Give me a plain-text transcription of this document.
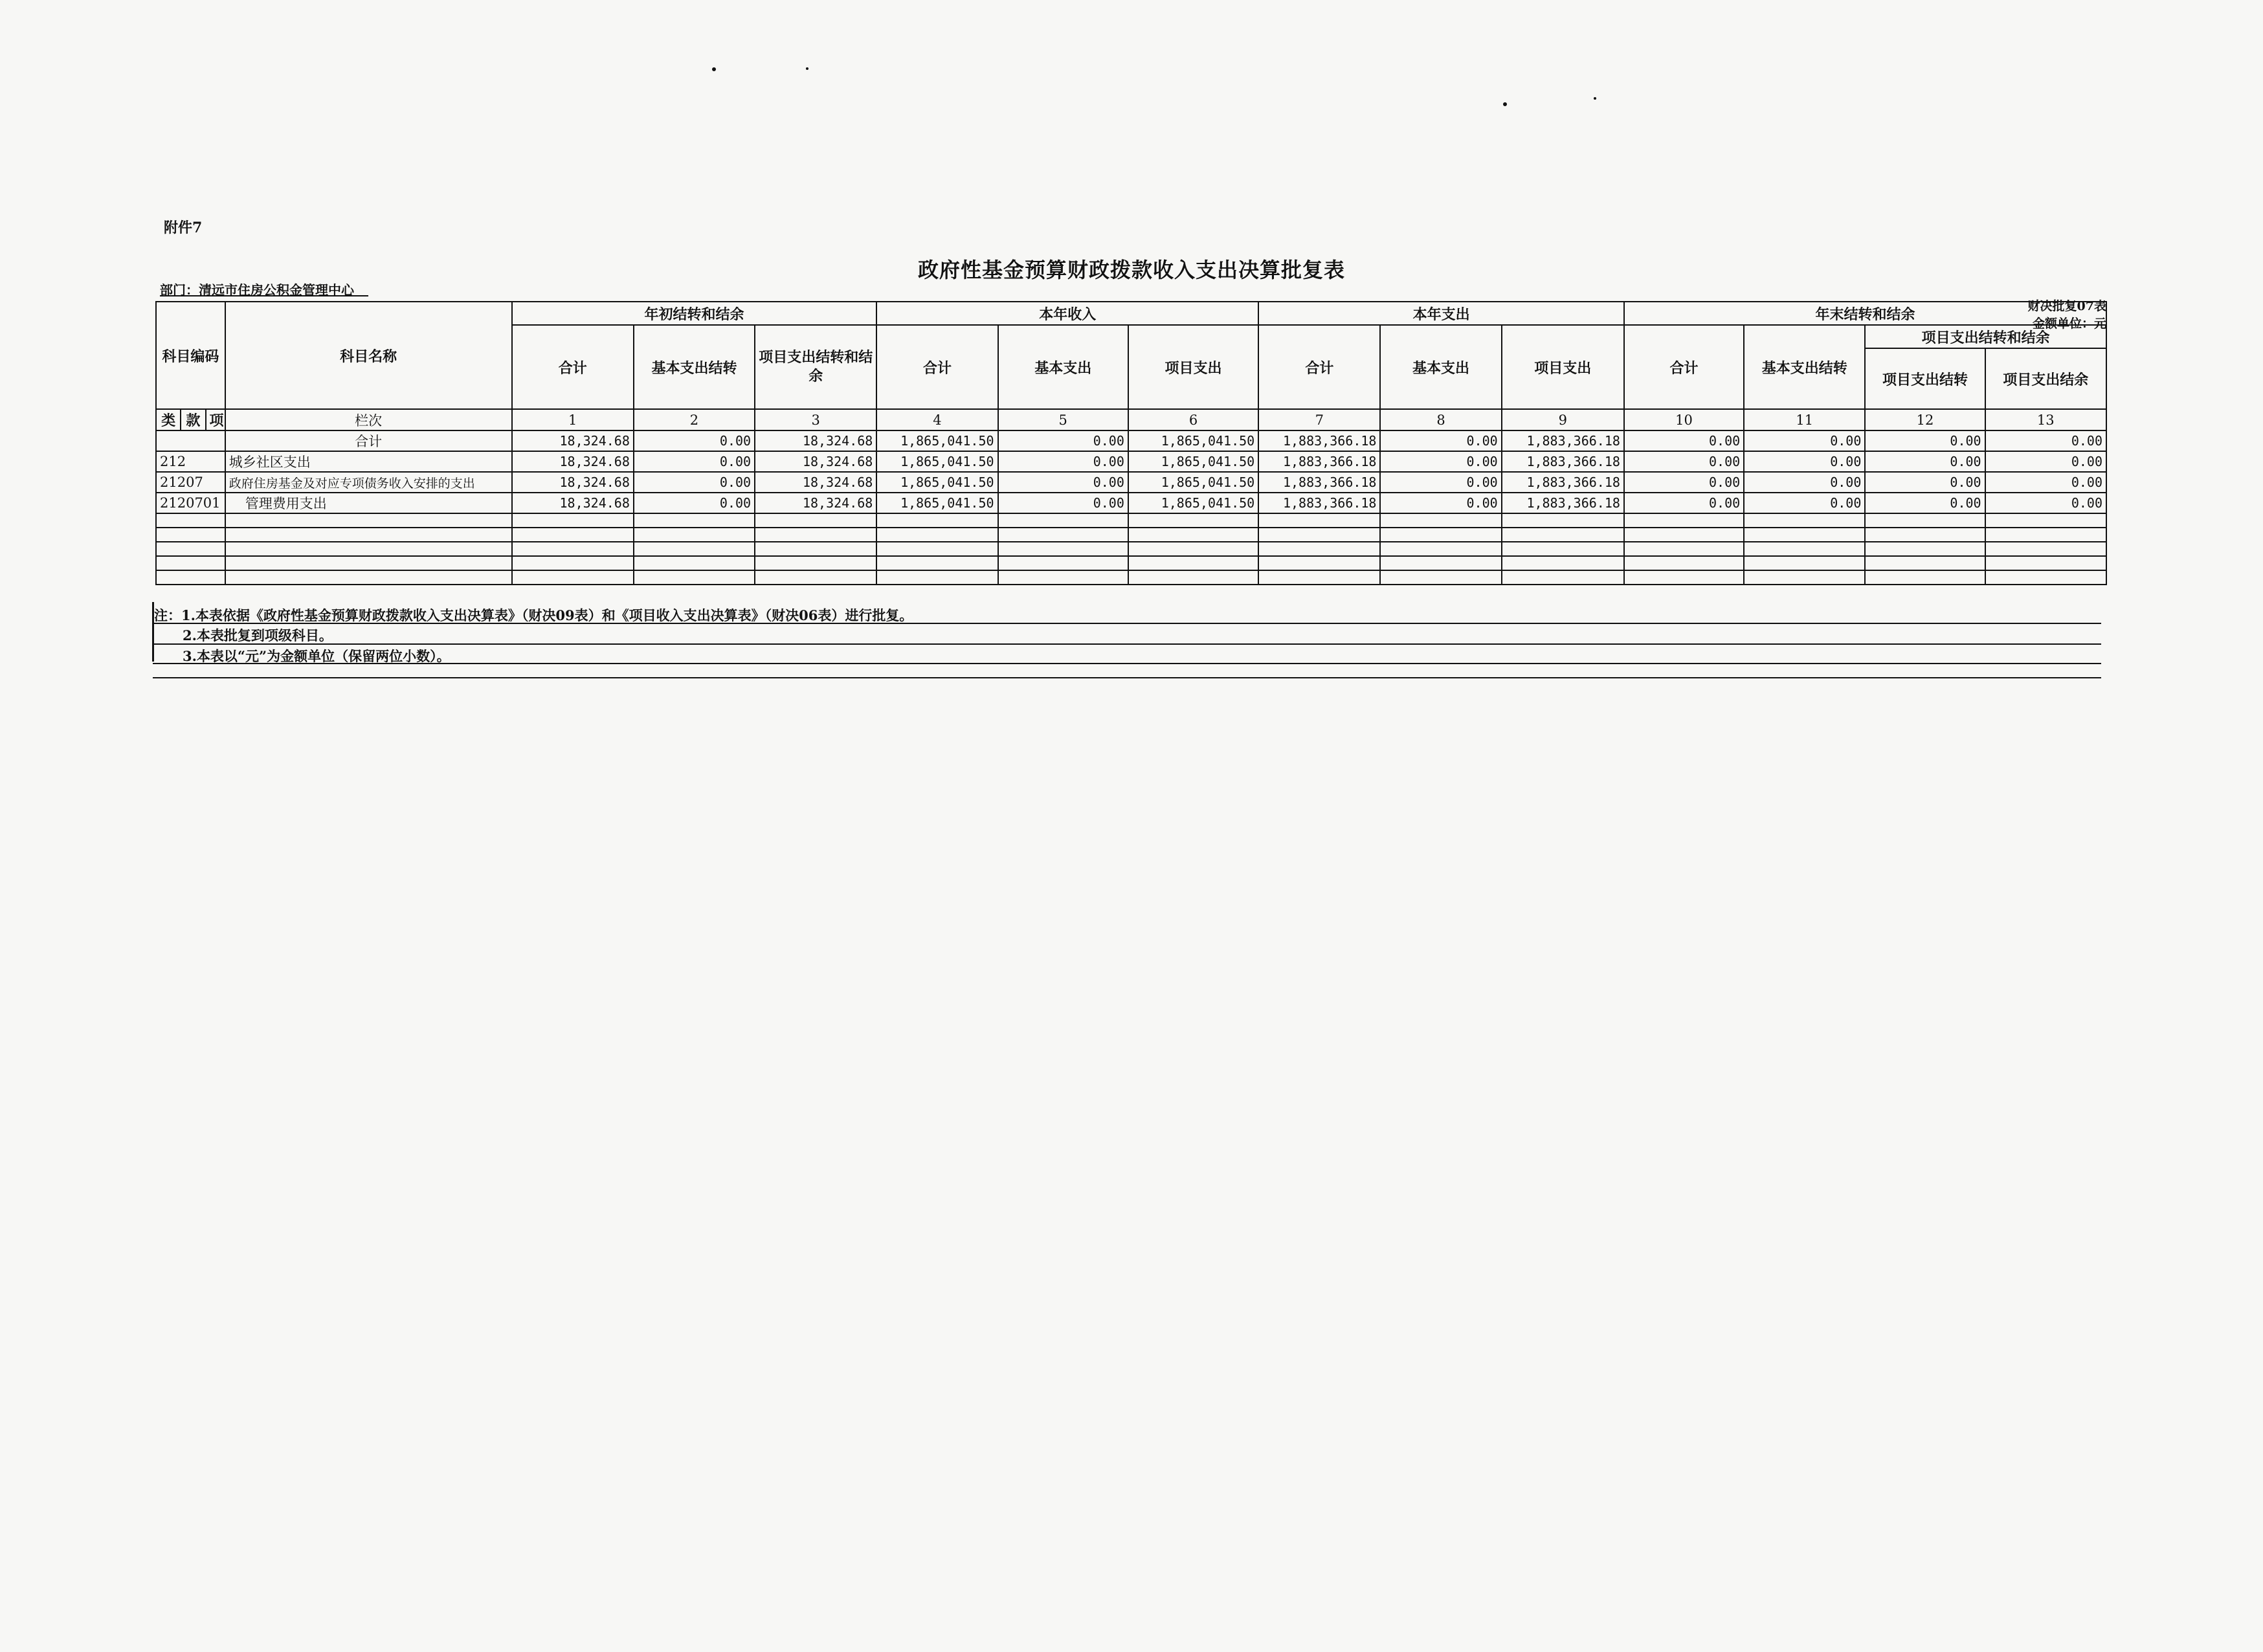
附件7
政府性基金预算财政拨款收入支出决算批复表
部门：清远市住房公积金管理中心
财决批复07表
金额单位：元
科目编码			科目名称	年初结转和结余			本年收入			本年支出			年末结转和结余			
				合计	基本支出结转	项目支出结转和结余	合计	基本支出	项目支出	合计	基本支出	项目支出	合计	基本支出结转	项目支出结转和结余	
															项目支出结转	项目支出结余
类	款	项	栏次	1	2	3	4	5	6	7	8	9	10	11	12	13
			合计	18,324.68	0.00	18,324.68	1,865,041.50	0.00	1,865,041.50	1,883,366.18	0.00	1,883,366.18	0.00	0.00	0.00	0.00
212			城乡社区支出	18,324.68	0.00	18,324.68	1,865,041.50	0.00	1,865,041.50	1,883,366.18	0.00	1,883,366.18	0.00	0.00	0.00	0.00
21207			政府住房基金及对应专项债务收入安排的支出	18,324.68	0.00	18,324.68	1,865,041.50	0.00	1,865,041.50	1,883,366.18	0.00	1,883,366.18	0.00	0.00	0.00	0.00
2120701			管理费用支出	18,324.68	0.00	18,324.68	1,865,041.50	0.00	1,865,041.50	1,883,366.18	0.00	1,883,366.18	0.00	0.00	0.00	0.00

注：1.本表依据《政府性基金预算财政拨款收入支出决算表》（财决09表）和《项目收入支出决算表》（财决06表）进行批复。
2.本表批复到项级科目。
3.本表以“元”为金额单位（保留两位小数）。
